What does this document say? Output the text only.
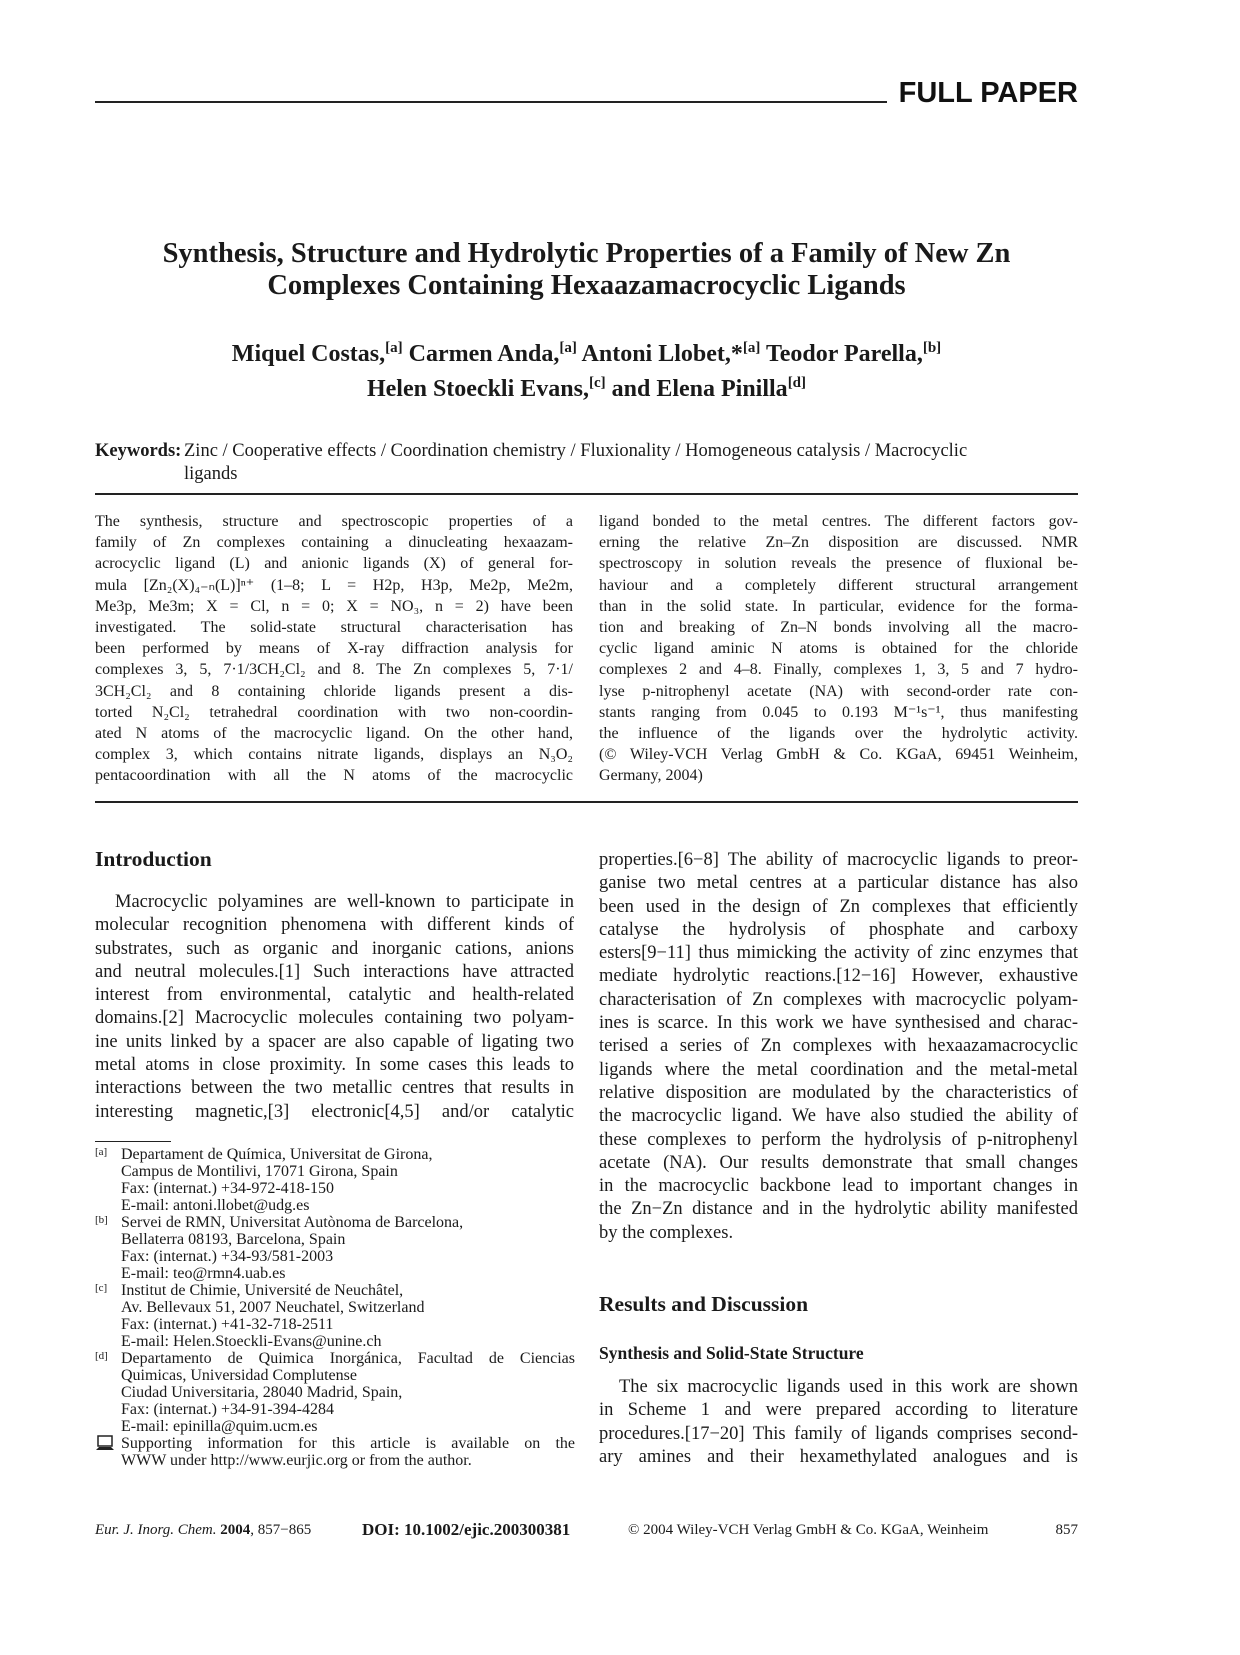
FULL PAPER
Synthesis, Structure and Hydrolytic Properties of a Family of New Zn
Complexes Containing Hexaazamacrocyclic Ligands
Miquel Costas,[a] Carmen Anda,[a] Antoni Llobet,*[a] Teodor Parella,[b]
Helen Stoeckli Evans,[c] and Elena Pinilla[d]
Keywords: Zinc / Cooperative effects / Coordination chemistry / Fluxionality / Homogeneous catalysis / Macrocyclic
ligands
The synthesis, structure and spectroscopic properties of a
family of Zn complexes containing a dinucleating hexaazam-
acrocyclic ligand (L) and anionic ligands (X) of general for-
mula [Zn₂(X)₄₋ₙ(L)]ⁿ⁺ (1–8; L = H2p, H3p, Me2p, Me2m,
Me3p, Me3m; X = Cl, n = 0; X = NO₃, n = 2) have been
investigated. The solid-state structural characterisation has
been performed by means of X-ray diffraction analysis for
complexes 3, 5, 7·1/3CH₂Cl₂ and 8. The Zn complexes 5, 7·1/
3CH₂Cl₂ and 8 containing chloride ligands present a dis-
torted N₂Cl₂ tetrahedral coordination with two non-coordin-
ated N atoms of the macrocyclic ligand. On the other hand,
complex 3, which contains nitrate ligands, displays an N₃O₂
pentacoordination with all the N atoms of the macrocyclic
ligand bonded to the metal centres. The different factors gov-
erning the relative Zn–Zn disposition are discussed. NMR
spectroscopy in solution reveals the presence of fluxional be-
haviour and a completely different structural arrangement
than in the solid state. In particular, evidence for the forma-
tion and breaking of Zn–N bonds involving all the macro-
cyclic ligand aminic N atoms is obtained for the chloride
complexes 2 and 4–8. Finally, complexes 1, 3, 5 and 7 hydro-
lyse p-nitrophenyl acetate (NA) with second-order rate con-
stants ranging from 0.045 to 0.193 M⁻¹s⁻¹, thus manifesting
the influence of the ligands over the hydrolytic activity.
(© Wiley-VCH Verlag GmbH & Co. KGaA, 69451 Weinheim,
Germany, 2004)
Introduction
Macrocyclic polyamines are well-known to participate in
molecular recognition phenomena with different kinds of
substrates, such as organic and inorganic cations, anions
and neutral molecules.[1] Such interactions have attracted
interest from environmental, catalytic and health-related
domains.[2] Macrocyclic molecules containing two polyam-
ine units linked by a spacer are also capable of ligating two
metal atoms in close proximity. In some cases this leads to
interactions between the two metallic centres that results in
interesting magnetic,[3] electronic[4,5] and/or catalytic
properties.[6−8] The ability of macrocyclic ligands to preor-
ganise two metal centres at a particular distance has also
been used in the design of Zn complexes that efficiently
catalyse the hydrolysis of phosphate and carboxy
esters[9−11] thus mimicking the activity of zinc enzymes that
mediate hydrolytic reactions.[12−16] However, exhaustive
characterisation of Zn complexes with macrocyclic polyam-
ines is scarce. In this work we have synthesised and charac-
terised a series of Zn complexes with hexaazamacrocyclic
ligands where the metal coordination and the metal-metal
relative disposition are modulated by the characteristics of
the macrocyclic ligand. We have also studied the ability of
these complexes to perform the hydrolysis of p-nitrophenyl
acetate (NA). Our results demonstrate that small changes
in the macrocyclic backbone lead to important changes in
the Zn−Zn distance and in the hydrolytic ability manifested
by the complexes.
Results and Discussion
Synthesis and Solid-State Structure
The six macrocyclic ligands used in this work are shown
in Scheme 1 and were prepared according to literature
procedures.[17−20] This family of ligands comprises second-
ary amines and their hexamethylated analogues and is
[a] Departament de Química, Universitat de Girona,
Campus de Montilivi, 17071 Girona, Spain
Fax: (internat.) +34-972-418-150
E-mail: antoni.llobet@udg.es
[b] Servei de RMN, Universitat Autònoma de Barcelona,
Bellaterra 08193, Barcelona, Spain
Fax: (internat.) +34-93/581-2003
E-mail: teo@rmn4.uab.es
[c] Institut de Chimie, Université de Neuchâtel,
Av. Bellevaux 51, 2007 Neuchatel, Switzerland
Fax: (internat.) +41-32-718-2511
E-mail: Helen.Stoeckli-Evans@unine.ch
[d] Departamento de Quimica Inorgánica, Facultad de Ciencias
Quimicas, Universidad Complutense
Ciudad Universitaria, 28040 Madrid, Spain,
Fax: (internat.) +34-91-394-4284
E-mail: epinilla@quim.ucm.es
Supporting information for this article is available on the
WWW under http://www.eurjic.org or from the author.
Eur. J. Inorg. Chem. 2004, 857−865	DOI: 10.1002/ejic.200300381	© 2004 Wiley-VCH Verlag GmbH & Co. KGaA, Weinheim	857
